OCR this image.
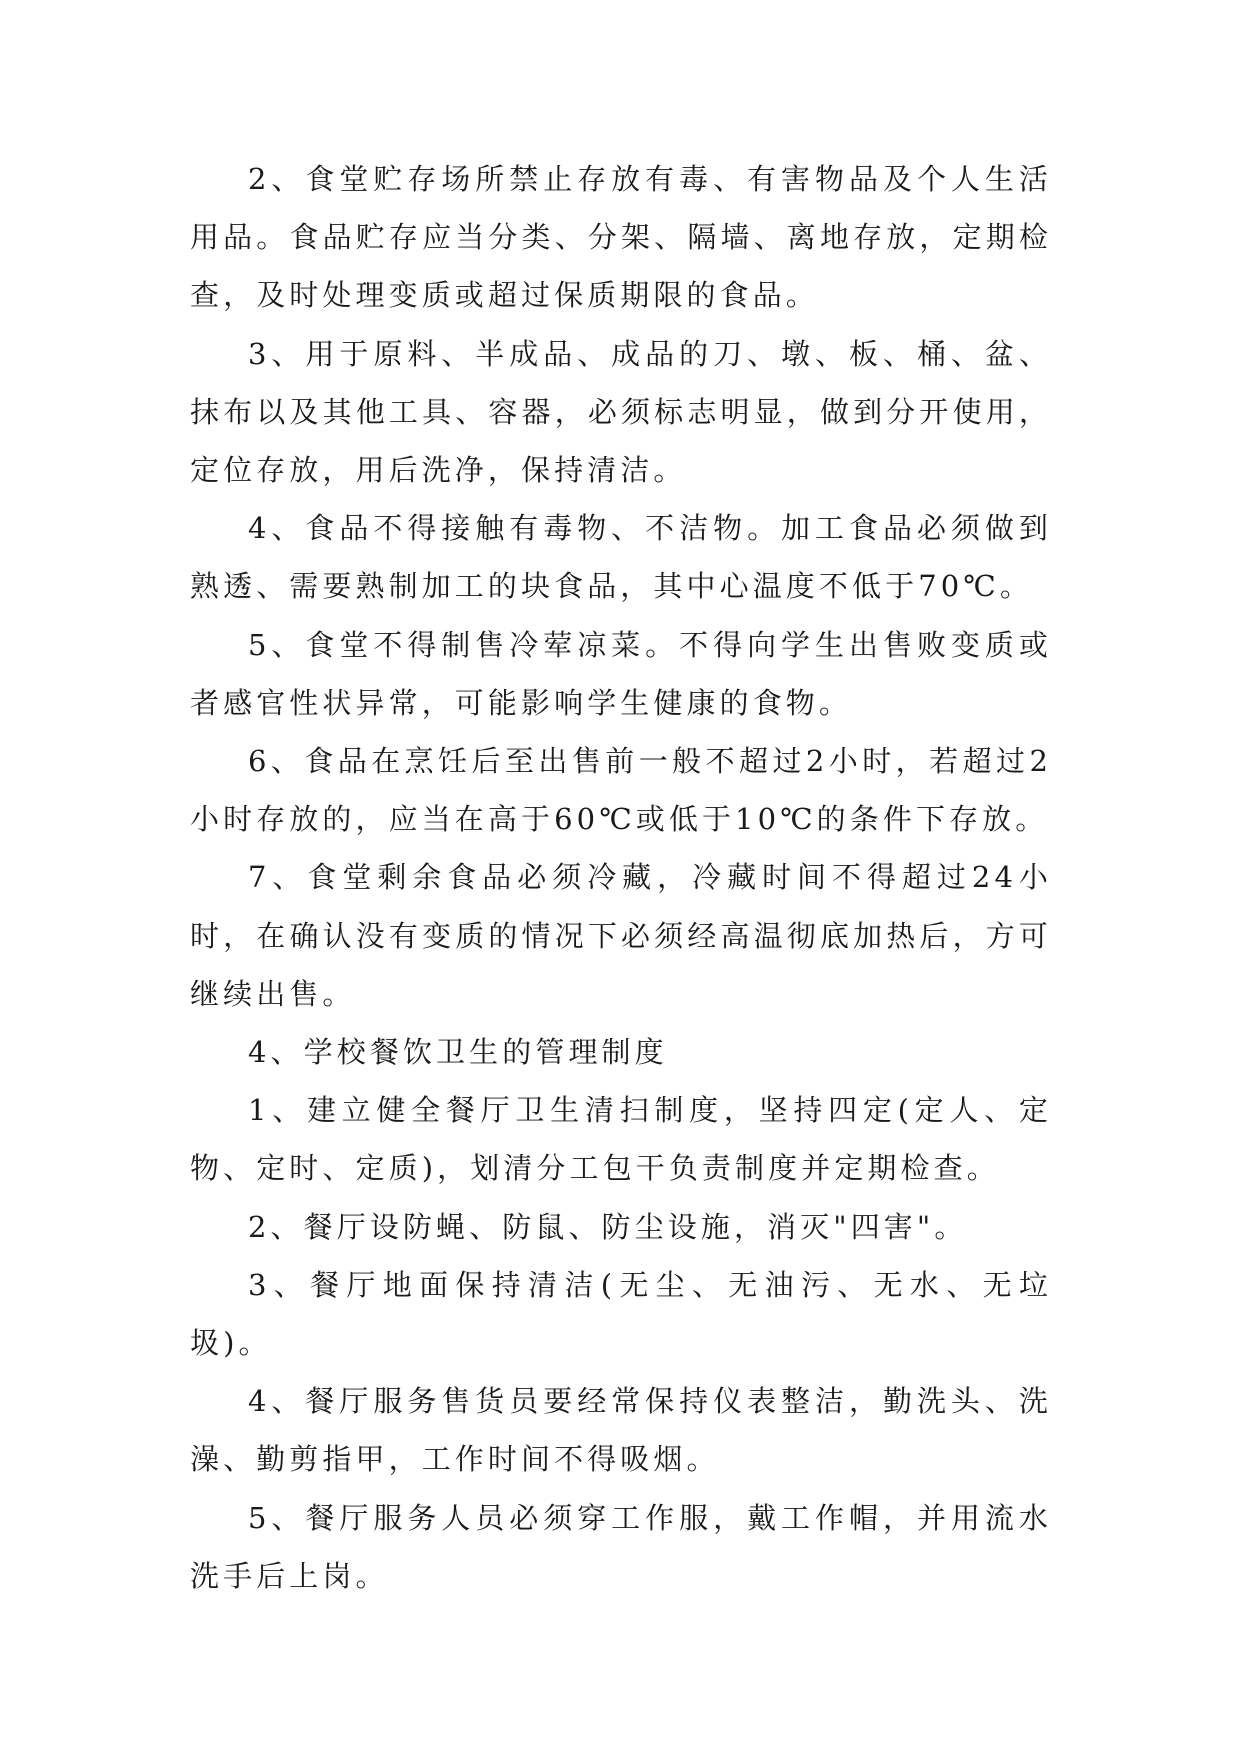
2、食堂贮存场所禁止存放有毒、有害物品及个人生活用品。食品贮存应当分类、分架、隔墙、离地存放，定期检查，及时处理变质或超过保质期限的食品。

3、用于原料、半成品、成品的刀、墩、板、桶、盆、抹布以及其他工具、容器，必须标志明显，做到分开使用，定位存放，用后洗净，保持清洁。

4、食品不得接触有毒物、不洁物。加工食品必须做到熟透、需要熟制加工的块食品，其中心温度不低于70℃。

5、食堂不得制售冷荤凉菜。不得向学生出售败变质或者感官性状异常，可能影响学生健康的食物。

6、食品在烹饪后至出售前一般不超过2小时，若超过2小时存放的，应当在高于60℃或低于10℃的条件下存放。

7、食堂剩余食品必须冷藏，冷藏时间不得超过24小时，在确认没有变质的情况下必须经高温彻底加热后，方可继续出售。

4、学校餐饮卫生的管理制度

1、建立健全餐厅卫生清扫制度，坚持四定(定人、定物、定时、定质)，划清分工包干负责制度并定期检查。

2、餐厅设防蝇、防鼠、防尘设施，消灭"四害"。

3、餐厅地面保持清洁(无尘、无油污、无水、无垃圾)。

4、餐厅服务售货员要经常保持仪表整洁，勤洗头、洗澡、勤剪指甲，工作时间不得吸烟。

5、餐厅服务人员必须穿工作服，戴工作帽，并用流水洗手后上岗。
